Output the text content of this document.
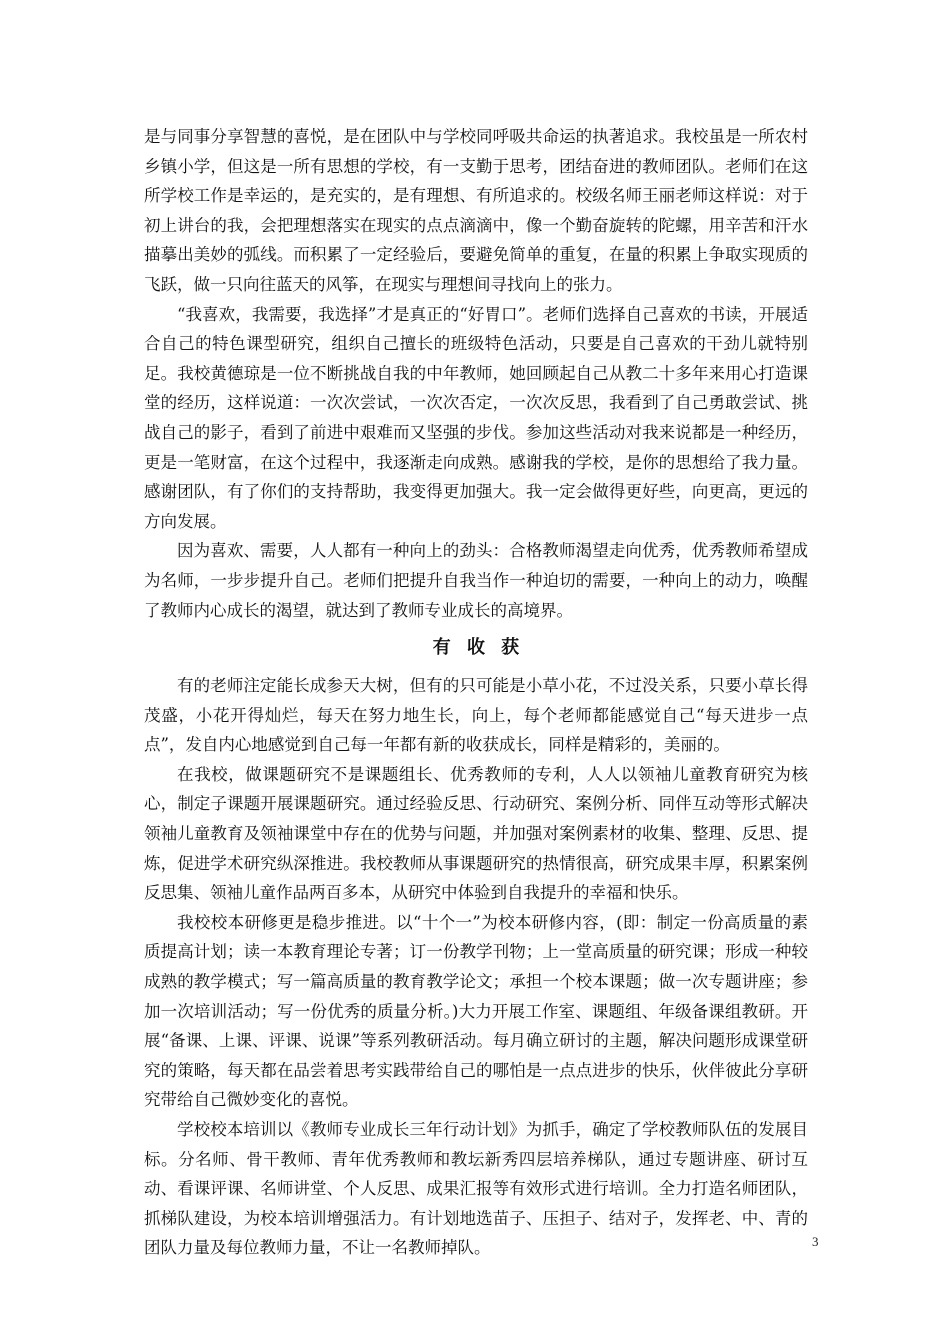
是与同事分享智慧的喜悦，是在团队中与学校同呼吸共命运的执著追求。我校虽是一所农村乡镇小学，但这是一所有思想的学校，有一支勤于思考，团结奋进的教师团队。老师们在这所学校工作是幸运的，是充实的，是有理想、有所追求的。校级名师王丽老师这样说：对于初上讲台的我，会把理想落实在现实的点点滴滴中，像一个勤奋旋转的陀螺，用辛苦和汗水描摹出美妙的弧线。而积累了一定经验后，要避免简单的重复，在量的积累上争取实现质的飞跃，做一只向往蓝天的风筝，在现实与理想间寻找向上的张力。

“我喜欢，我需要，我选择”才是真正的“好胃口”。老师们选择自己喜欢的书读，开展适合自己的特色课型研究，组织自己擅长的班级特色活动，只要是自己喜欢的干劲儿就特别足。我校黄德琼是一位不断挑战自我的中年教师，她回顾起自己从教二十多年来用心打造课堂的经历，这样说道：一次次尝试，一次次否定，一次次反思，我看到了自己勇敢尝试、挑战自己的影子，看到了前进中艰难而又坚强的步伐。参加这些活动对我来说都是一种经历，更是一笔财富，在这个过程中，我逐渐走向成熟。感谢我的学校，是你的思想给了我力量。感谢团队，有了你们的支持帮助，我变得更加强大。我一定会做得更好些，向更高，更远的方向发展。

因为喜欢、需要，人人都有一种向上的劲头：合格教师渴望走向优秀，优秀教师希望成为名师，一步步提升自己。老师们把提升自我当作一种迫切的需要，一种向上的动力，唤醒了教师内心成长的渴望，就达到了教师专业成长的高境界。

有收获

有的老师注定能长成参天大树，但有的只可能是小草小花，不过没关系，只要小草长得茂盛，小花开得灿烂，每天在努力地生长，向上，每个老师都能感觉自己“每天进步一点点”，发自内心地感觉到自己每一年都有新的收获成长，同样是精彩的，美丽的。

在我校，做课题研究不是课题组长、优秀教师的专利，人人以领袖儿童教育研究为核心，制定子课题开展课题研究。通过经验反思、行动研究、案例分析、同伴互动等形式解决领袖儿童教育及领袖课堂中存在的优势与问题，并加强对案例素材的收集、整理、反思、提炼，促进学术研究纵深推进。我校教师从事课题研究的热情很高，研究成果丰厚，积累案例反思集、领袖儿童作品两百多本，从研究中体验到自我提升的幸福和快乐。

我校校本研修更是稳步推进。以“十个一”为校本研修内容，(即：制定一份高质量的素质提高计划；读一本教育理论专著；订一份教学刊物；上一堂高质量的研究课；形成一种较成熟的教学模式；写一篇高质量的教育教学论文；承担一个校本课题；做一次专题讲座；参加一次培训活动；写一份优秀的质量分析。)大力开展工作室、课题组、年级备课组教研。开展“备课、上课、评课、说课”等系列教研活动。每月确立研讨的主题，解决问题形成课堂研究的策略，每天都在品尝着思考实践带给自己的哪怕是一点点进步的快乐，伙伴彼此分享研究带给自己微妙变化的喜悦。

学校校本培训以《教师专业成长三年行动计划》为抓手，确定了学校教师队伍的发展目标。分名师、骨干教师、青年优秀教师和教坛新秀四层培养梯队，通过专题讲座、研讨互动、看课评课、名师讲堂、个人反思、成果汇报等有效形式进行培训。全力打造名师团队，抓梯队建设，为校本培训增强活力。有计划地选苗子、压担子、结对子，发挥老、中、青的团队力量及每位教师力量，不让一名教师掉队。	3
